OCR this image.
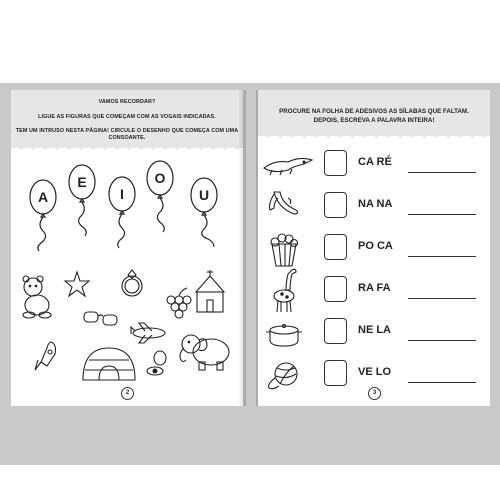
VAMOS RECORDAR?
LIGUE AS FIGURAS QUE COMEÇAM COM AS VOGAIS INDICADAS.
TEM UM INTRUSO NESTA PÁGINA! CIRCULE O DESENHO QUE COMEÇA COM UMA
CONSOANTE.
A
E
I
O
U
2
PROCURE NA FOLHA DE ADESIVOS AS SÍLABAS QUE FALTAM.
DEPOIS, ESCREVA A PALAVRA INTEIRA!
CA RÉ
NA NA
PO CA
RA FA
NE LA
VE LO
3
